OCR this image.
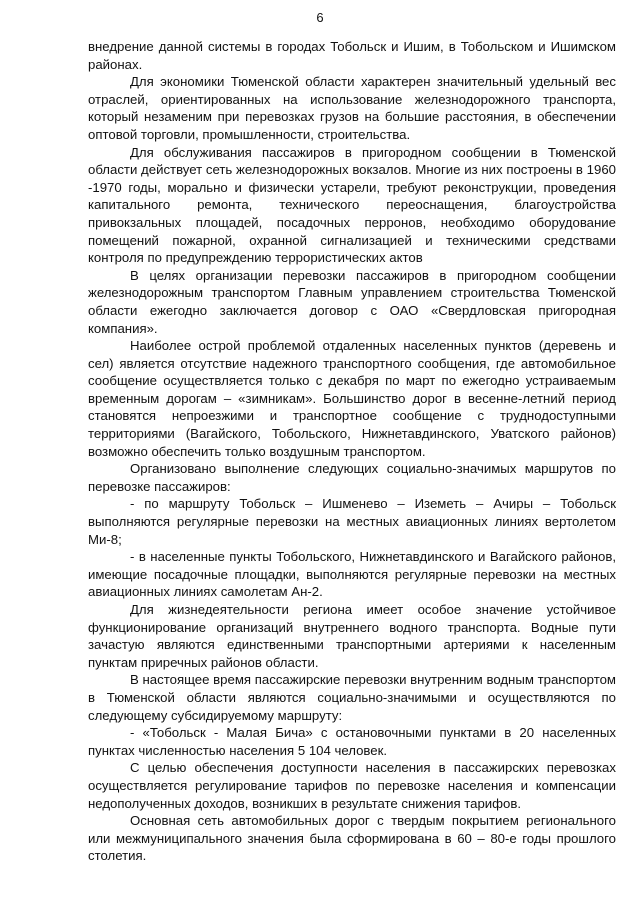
6

внедрение данной системы в городах Тобольск и Ишим, в Тобольском и Ишимском районах.

Для экономики Тюменской области характерен значительный удельный вес отраслей, ориентированных на использование железнодорожного транспорта, который незаменим при перевозках грузов на большие расстояния, в обеспечении оптовой торговли, промышленности, строительства.

Для обслуживания пассажиров в пригородном сообщении в Тюменской области действует сеть железнодорожных вокзалов. Многие из них построены в 1960 -1970 годы, морально и физически устарели, требуют реконструкции, проведения капитального ремонта, технического переоснащения, благоустройства привокзальных площадей, посадочных перронов, необходимо оборудование помещений пожарной, охранной сигнализацией и техническими средствами контроля по предупреждению террористических актов

В целях организации перевозки пассажиров в пригородном сообщении железнодорожным транспортом Главным управлением строительства Тюменской области ежегодно заключается договор с ОАО «Свердловская пригородная компания».

Наиболее острой проблемой отдаленных населенных пунктов (деревень и сел) является отсутствие надежного транспортного сообщения, где автомобильное сообщение осуществляется только с декабря по март по ежегодно устраиваемым временным дорогам – «зимникам». Большинство дорог в весенне-летний период становятся непроезжими и транспортное сообщение с труднодоступными территориями (Вагайского, Тобольского, Нижнетавдинского, Уватского районов) возможно обеспечить только воздушным транспортом.

Организовано выполнение следующих социально-значимых маршрутов по перевозке пассажиров:

- по маршруту Тобольск – Ишменево – Иземеть – Ачиры – Тобольск выполняются регулярные перевозки на местных авиационных линиях вертолетом Ми-8;

- в населенные пункты Тобольского, Нижнетавдинского и Вагайского районов, имеющие посадочные площадки, выполняются регулярные перевозки на местных авиационных линиях самолетам Ан-2.

Для жизнедеятельности региона имеет особое значение устойчивое функционирование организаций внутреннего водного транспорта. Водные пути зачастую являются единственными транспортными артериями к населенным пунктам приречных районов области.

В настоящее время пассажирские перевозки внутренним водным транспортом в Тюменской области являются социально-значимыми и осуществляются по следующему субсидируемому маршруту:

- «Тобольск - Малая Бича» с остановочными пунктами в 20 населенных пунктах численностью населения 5 104 человек.

С целью обеспечения доступности населения в пассажирских перевозках осуществляется регулирование тарифов по перевозке населения и компенсации недополученных доходов, возникших в результате снижения тарифов.

Основная сеть автомобильных дорог с твердым покрытием регионального или межмуниципального значения была сформирована в 60 – 80-е годы прошлого столетия.
